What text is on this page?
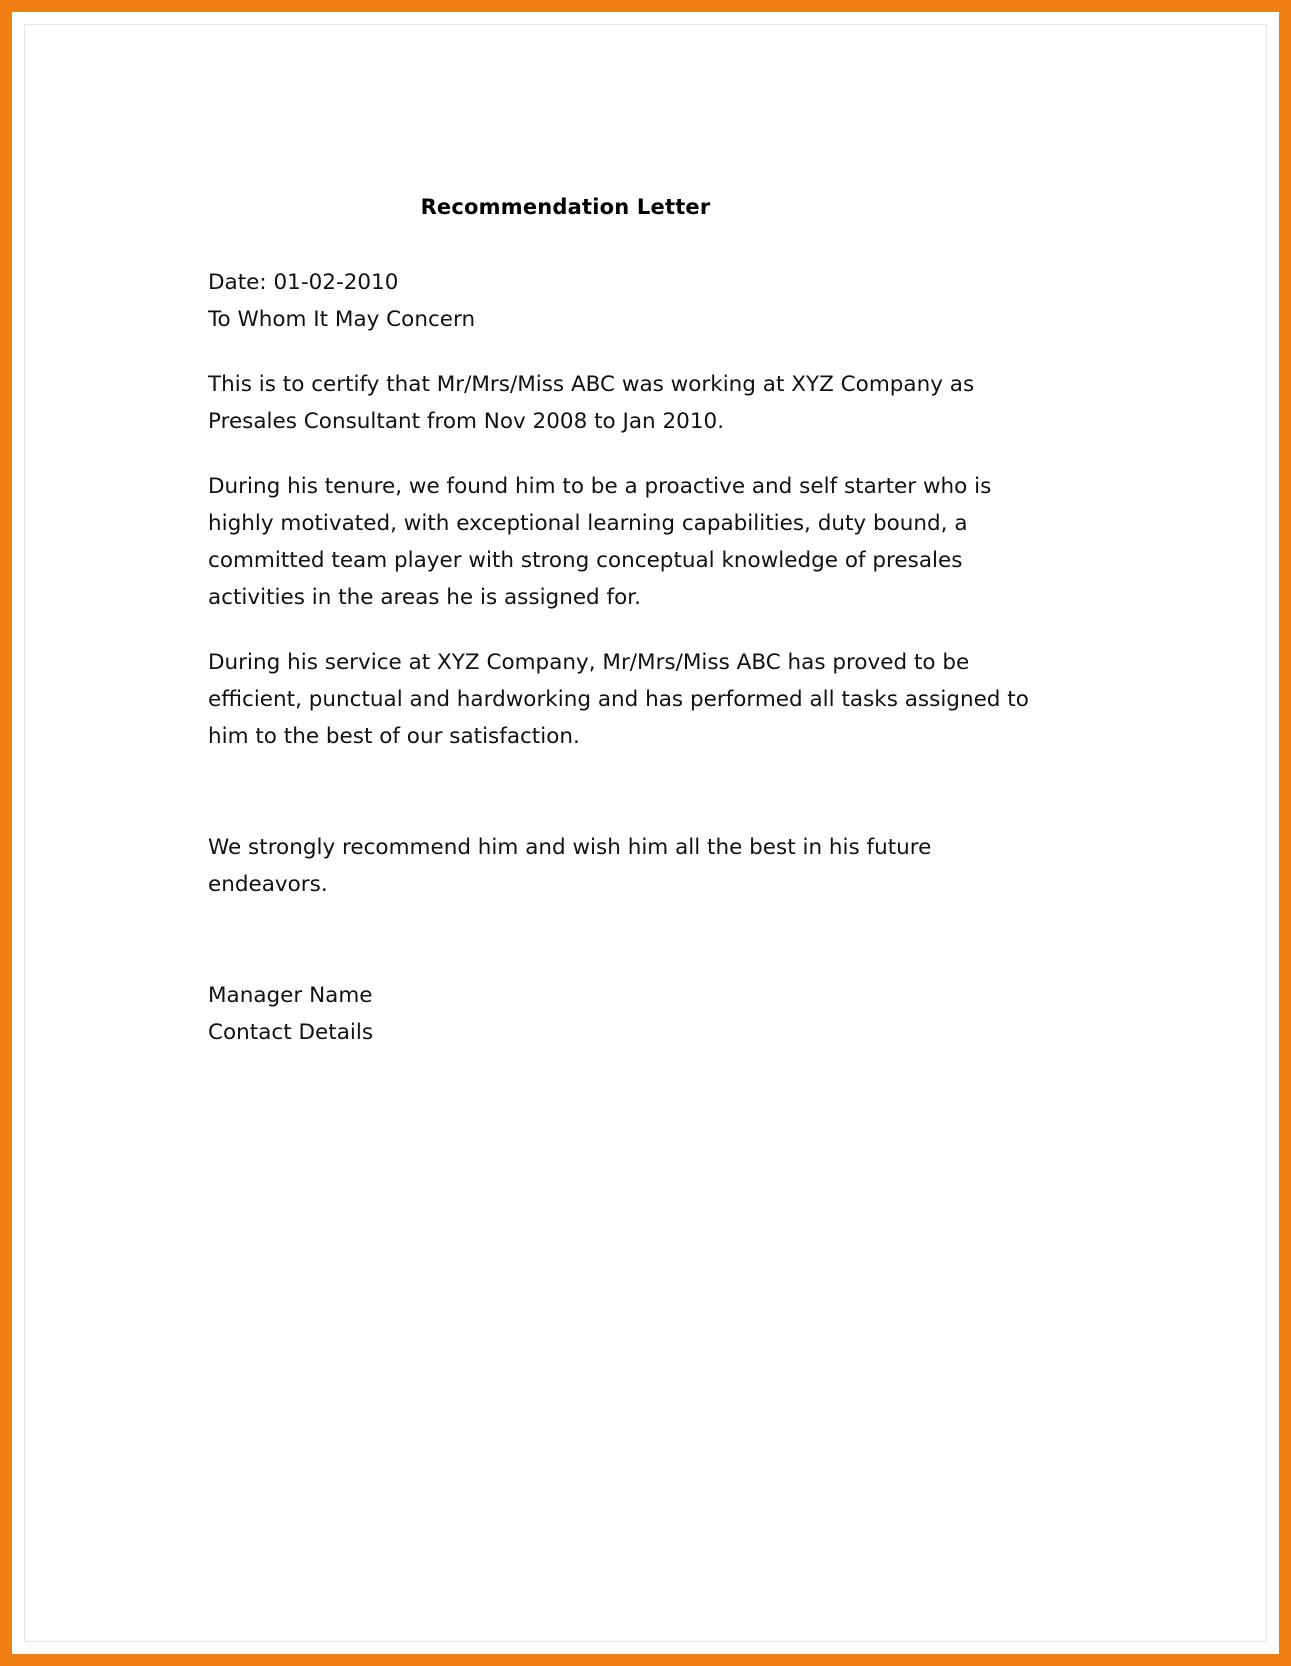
Recommendation Letter
Date: 01-02-2010
To Whom It May Concern

This is to certify that Mr/Mrs/Miss ABC was working at XYZ Company as Presales Consultant from Nov 2008 to Jan 2010.

During his tenure, we found him to be a proactive and self starter who is highly motivated, with exceptional learning capabilities, duty bound, a committed team player with strong conceptual knowledge of presales activities in the areas he is assigned for.

During his service at XYZ Company, Mr/Mrs/Miss ABC has proved to be efficient, punctual and hardworking and has performed all tasks assigned to him to the best of our satisfaction.

We strongly recommend him and wish him all the best in his future endeavors.

Manager Name
Contact Details
